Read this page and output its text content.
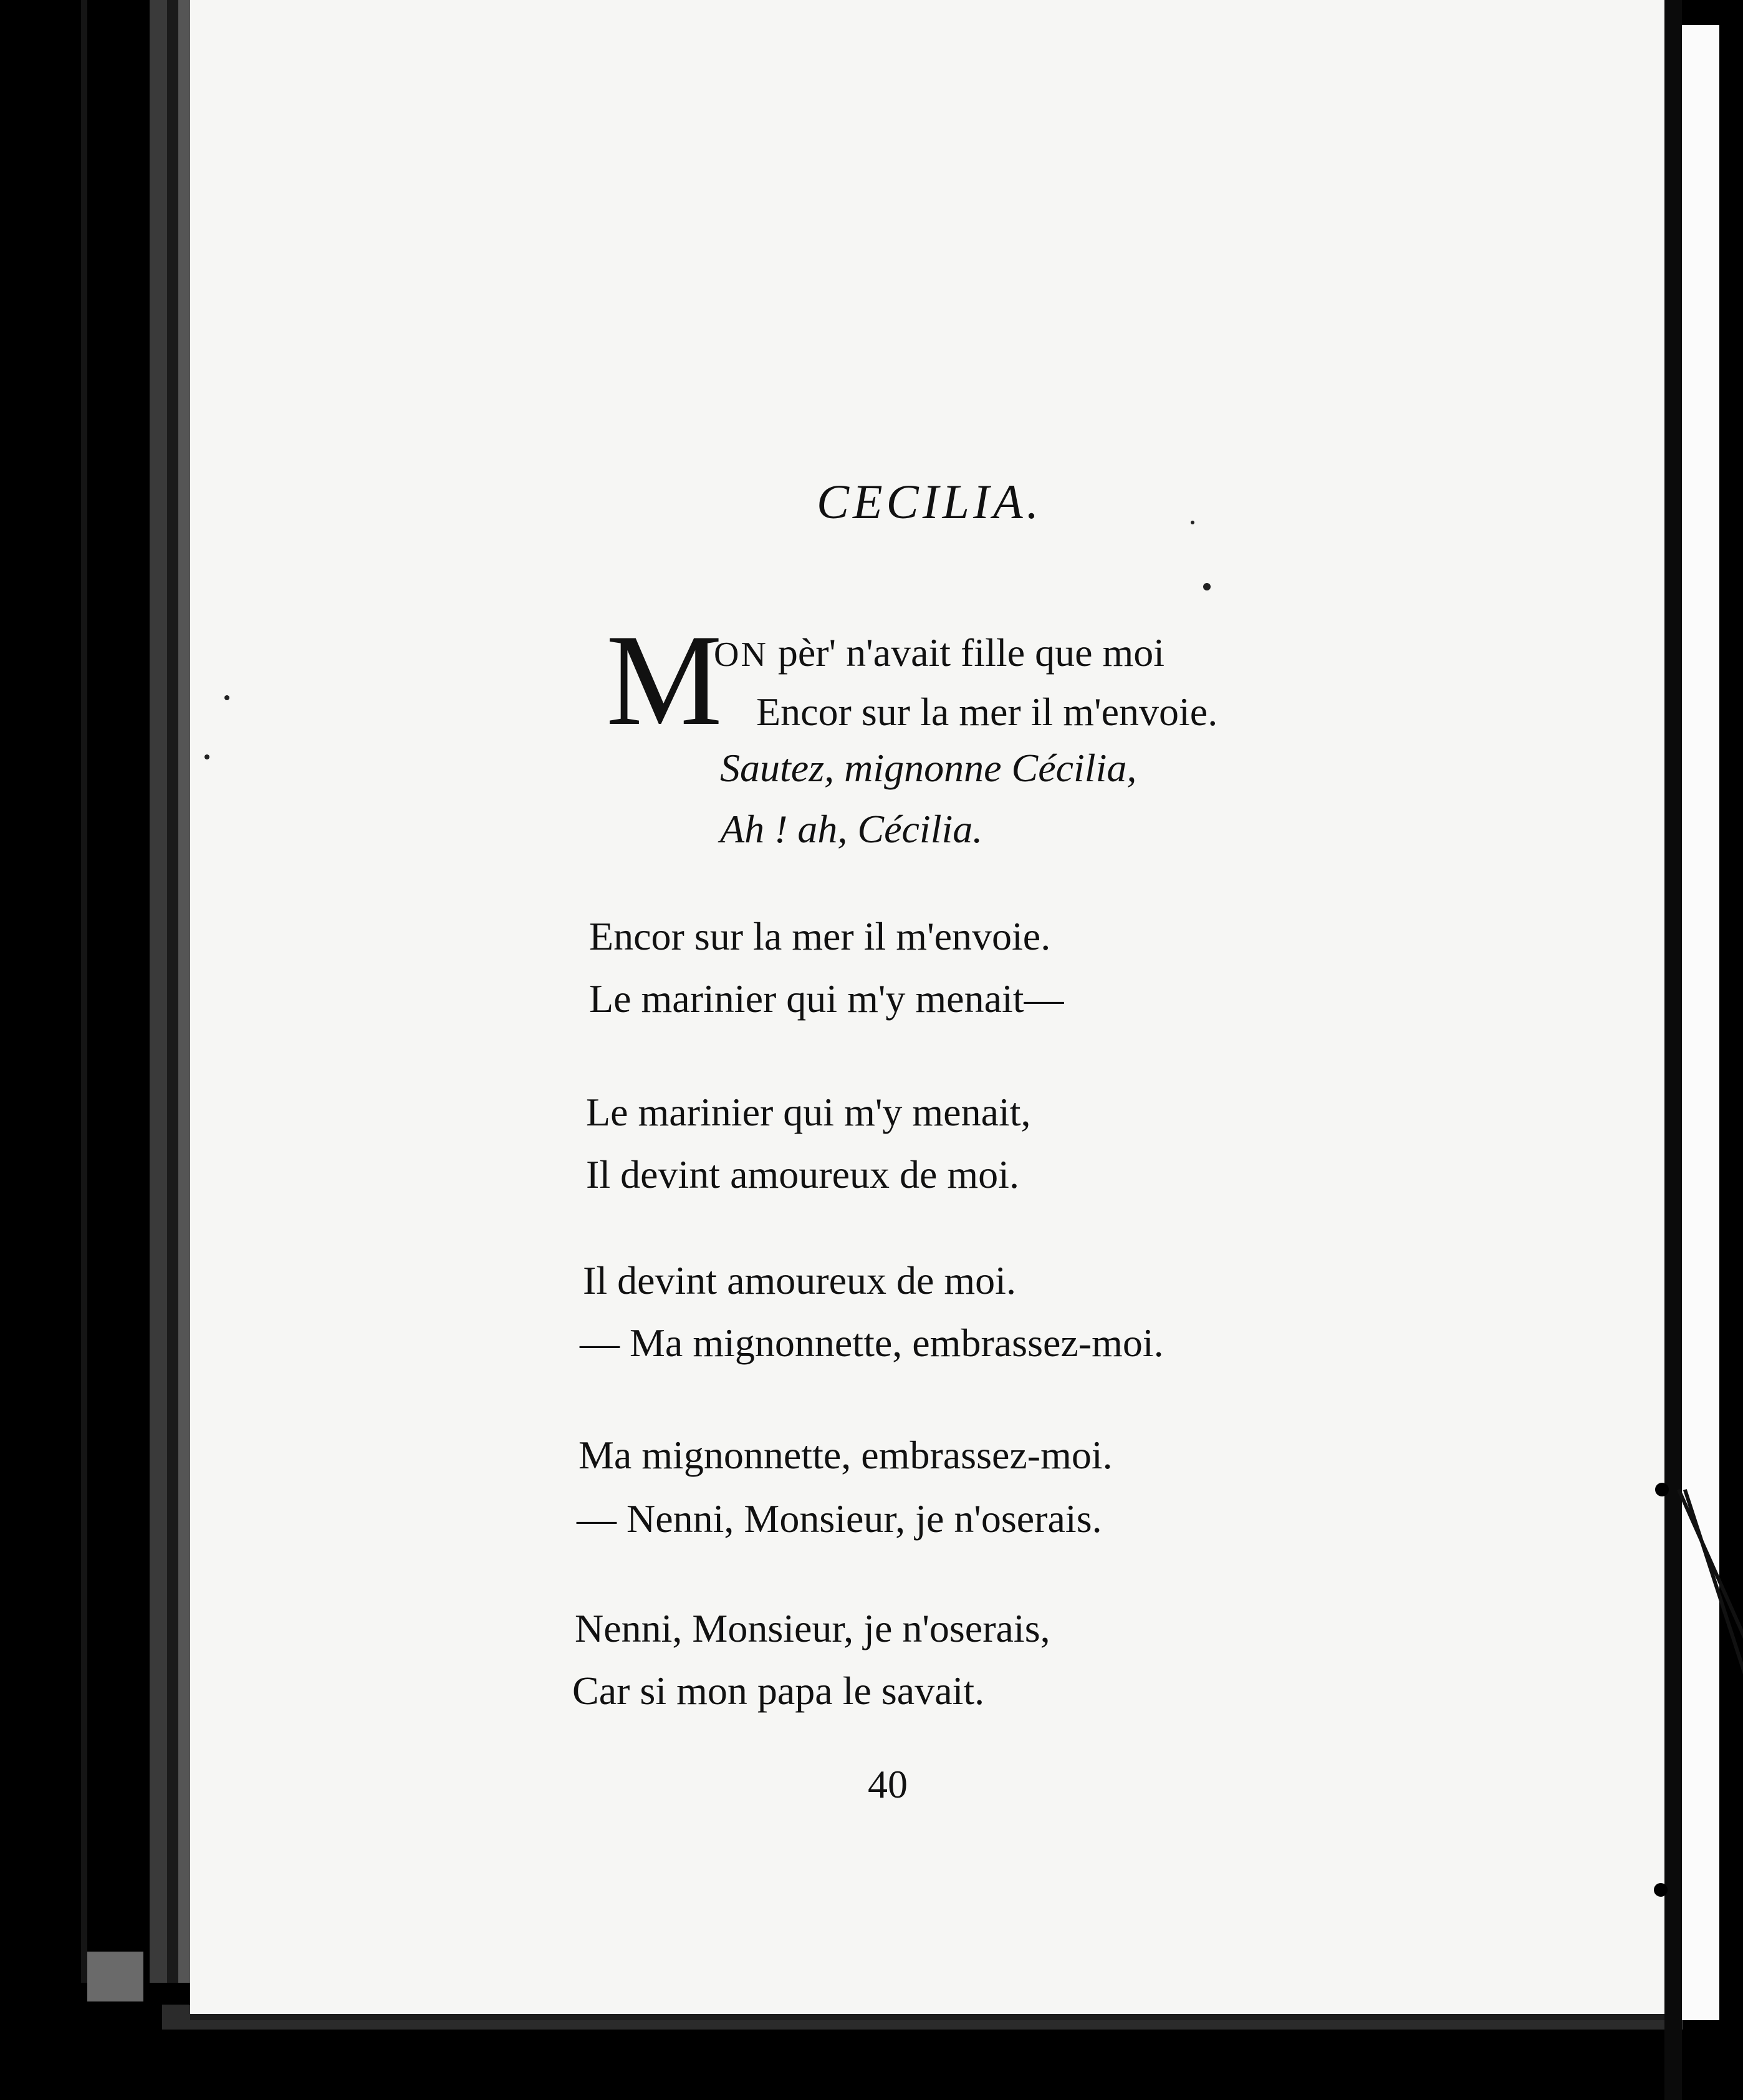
CECILIA.
M
ON pèr' n'avait fille que moi
Encor sur la mer il m'envoie.
Sautez, mignonne Cécilia,
Ah ! ah, Cécilia.
Encor sur la mer il m'envoie.
Le marinier qui m'y menait—
Le marinier qui m'y menait,
Il devint amoureux de moi.
Il devint amoureux de moi.
— Ma mignonnette, embrassez-moi.
Ma mignonnette, embrassez-moi.
— Nenni, Monsieur, je n'oserais.
Nenni, Monsieur, je n'oserais,
Car si mon papa le savait.
40
